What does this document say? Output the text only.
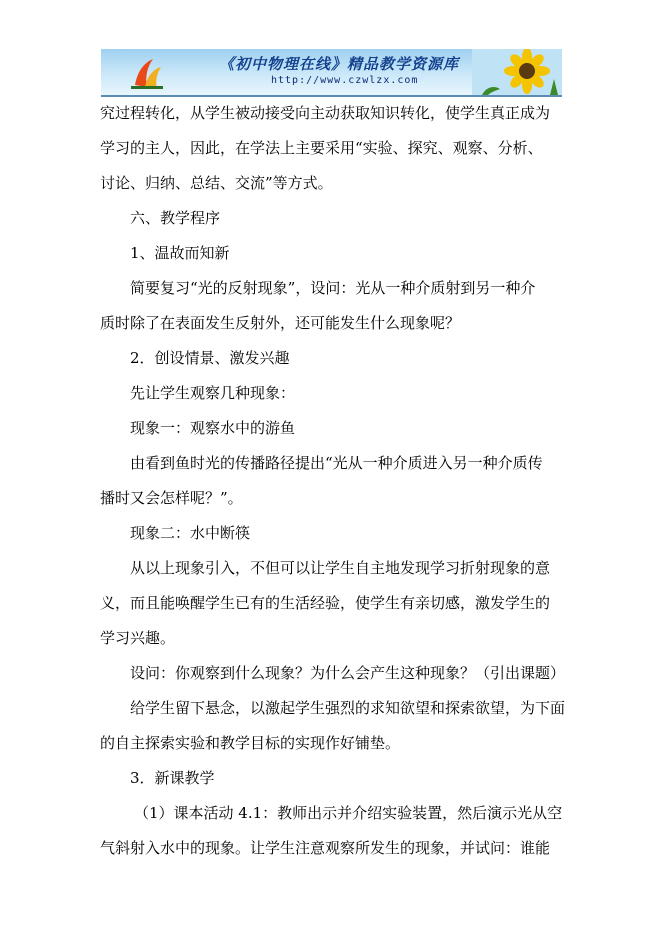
《初中物理在线》精品教学资源库
http://www.czwlzx.com
究过程转化，从学生被动接受向主动获取知识转化，使学生真正成为
学习的主人，因此，在学法上主要采用“实验、探究、观察、分析、
讨论、归纳、总结、交流”等方式。
六、教学程序
1、温故而知新
简要复习“光的反射现象”，设问：光从一种介质射到另一种介
质时除了在表面发生反射外，还可能发生什么现象呢？
2．创设情景、激发兴趣
先让学生观察几种现象：
现象一：观察水中的游鱼
由看到鱼时光的传播路径提出“光从一种介质进入另一种介质传
播时又会怎样呢？”。
现象二：水中断筷
从以上现象引入，不但可以让学生自主地发现学习折射现象的意
义，而且能唤醒学生已有的生活经验，使学生有亲切感，激发学生的
学习兴趣。
设问：你观察到什么现象？为什么会产生这种现象？（引出课题）
给学生留下悬念，以激起学生强烈的求知欲望和探索欲望，为下面
的自主探索实验和教学目标的实现作好铺垫。
3．新课教学
（1）课本活动 4.1：教师出示并介绍实验装置，然后演示光从空
气斜射入水中的现象。让学生注意观察所发生的现象，并试问：谁能
